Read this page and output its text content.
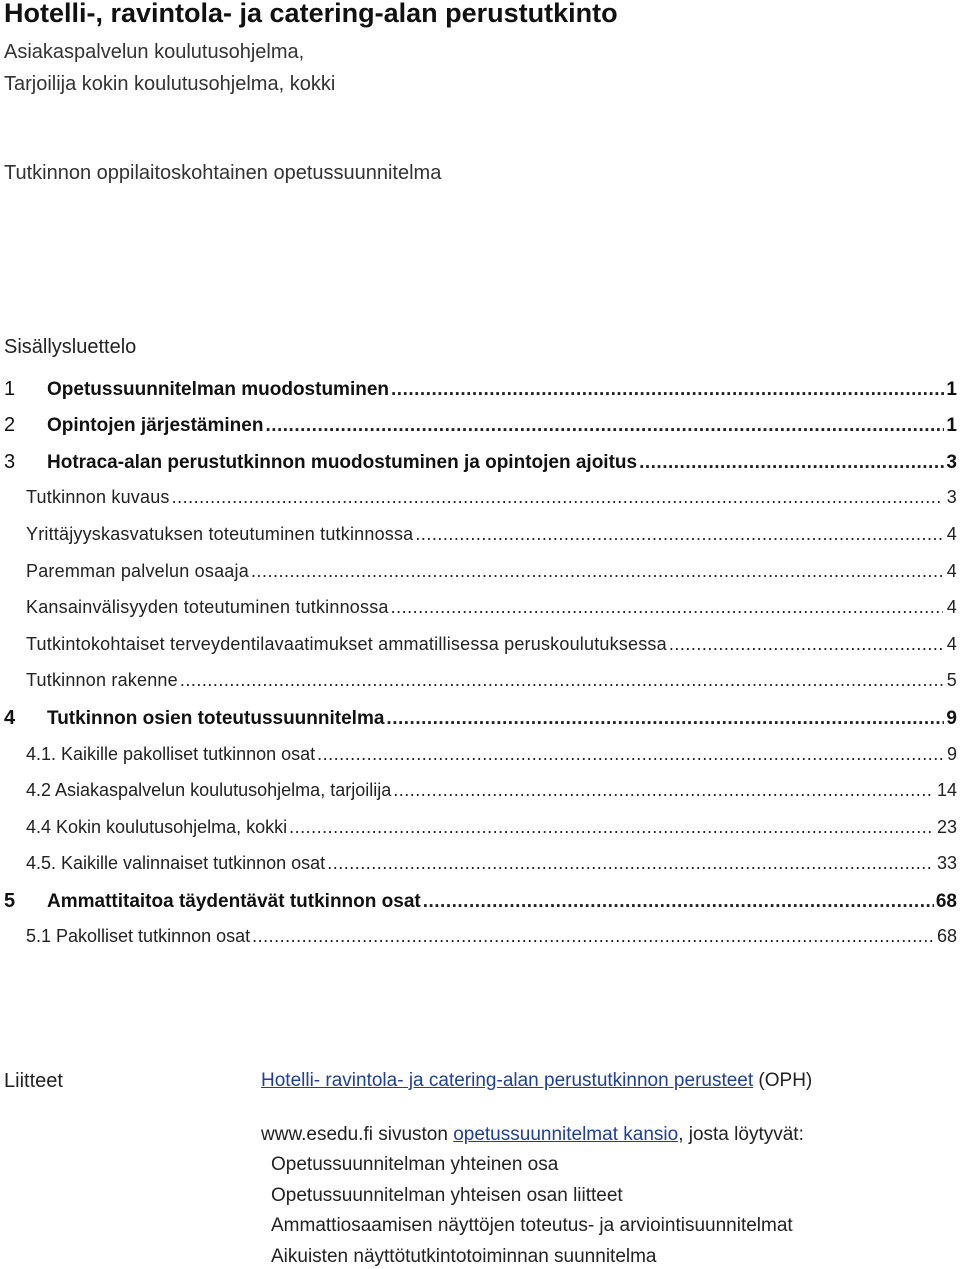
Hotelli-, ravintola- ja catering-alan perustutkinto
Asiakaspalvelun koulutusohjelma,
Tarjoilija kokin koulutusohjelma, kokki
Tutkinnon oppilaitoskohtainen opetussuunnitelma
Sisällysluettelo
1	Opetussuunnitelman muodostuminen .....	1
2	Opintojen järjestäminen .....	1
3	Hotraca-alan perustutkinnon muodostuminen ja opintojen ajoitus .....	3
Tutkinnon kuvaus .....	3
Yrittäjyyskasvatuksen toteutuminen tutkinnossa .....	4
Paremman palvelun osaaja .....	4
Kansainvälisyyden toteutuminen tutkinnossa .....	4
Tutkintokohtaiset terveydentilavaatimukset ammatillisessa peruskoulutuksessa .....	4
Tutkinnon rakenne .....	5
4	Tutkinnon osien toteutussuunnitelma .....	9
4.1. Kaikille pakolliset tutkinnon osat .....	9
4.2 Asiakaspalvelun koulutusohjelma, tarjoilija .....	14
4.4 Kokin koulutusohjelma, kokki .....	23
4.5. Kaikille valinnaiset tutkinnon osat .....	33
5	Ammattitaitoa täydentävät tutkinnon osat .....	68
5.1 Pakolliset tutkinnon osat .....	68
Liitteet	Hotelli- ravintola- ja catering-alan perustutkinnon perusteet (OPH)
www.esedu.fi sivuston opetussuunnitelmat kansio, josta löytyvät:
Opetussuunnitelman yhteinen osa
Opetussuunnitelman yhteisen osan liitteet
Ammattiosaamisen näyttöjen toteutus- ja arviointisuunnitelmat
Aikuisten näyttötutkintotoiminnan suunnitelma
